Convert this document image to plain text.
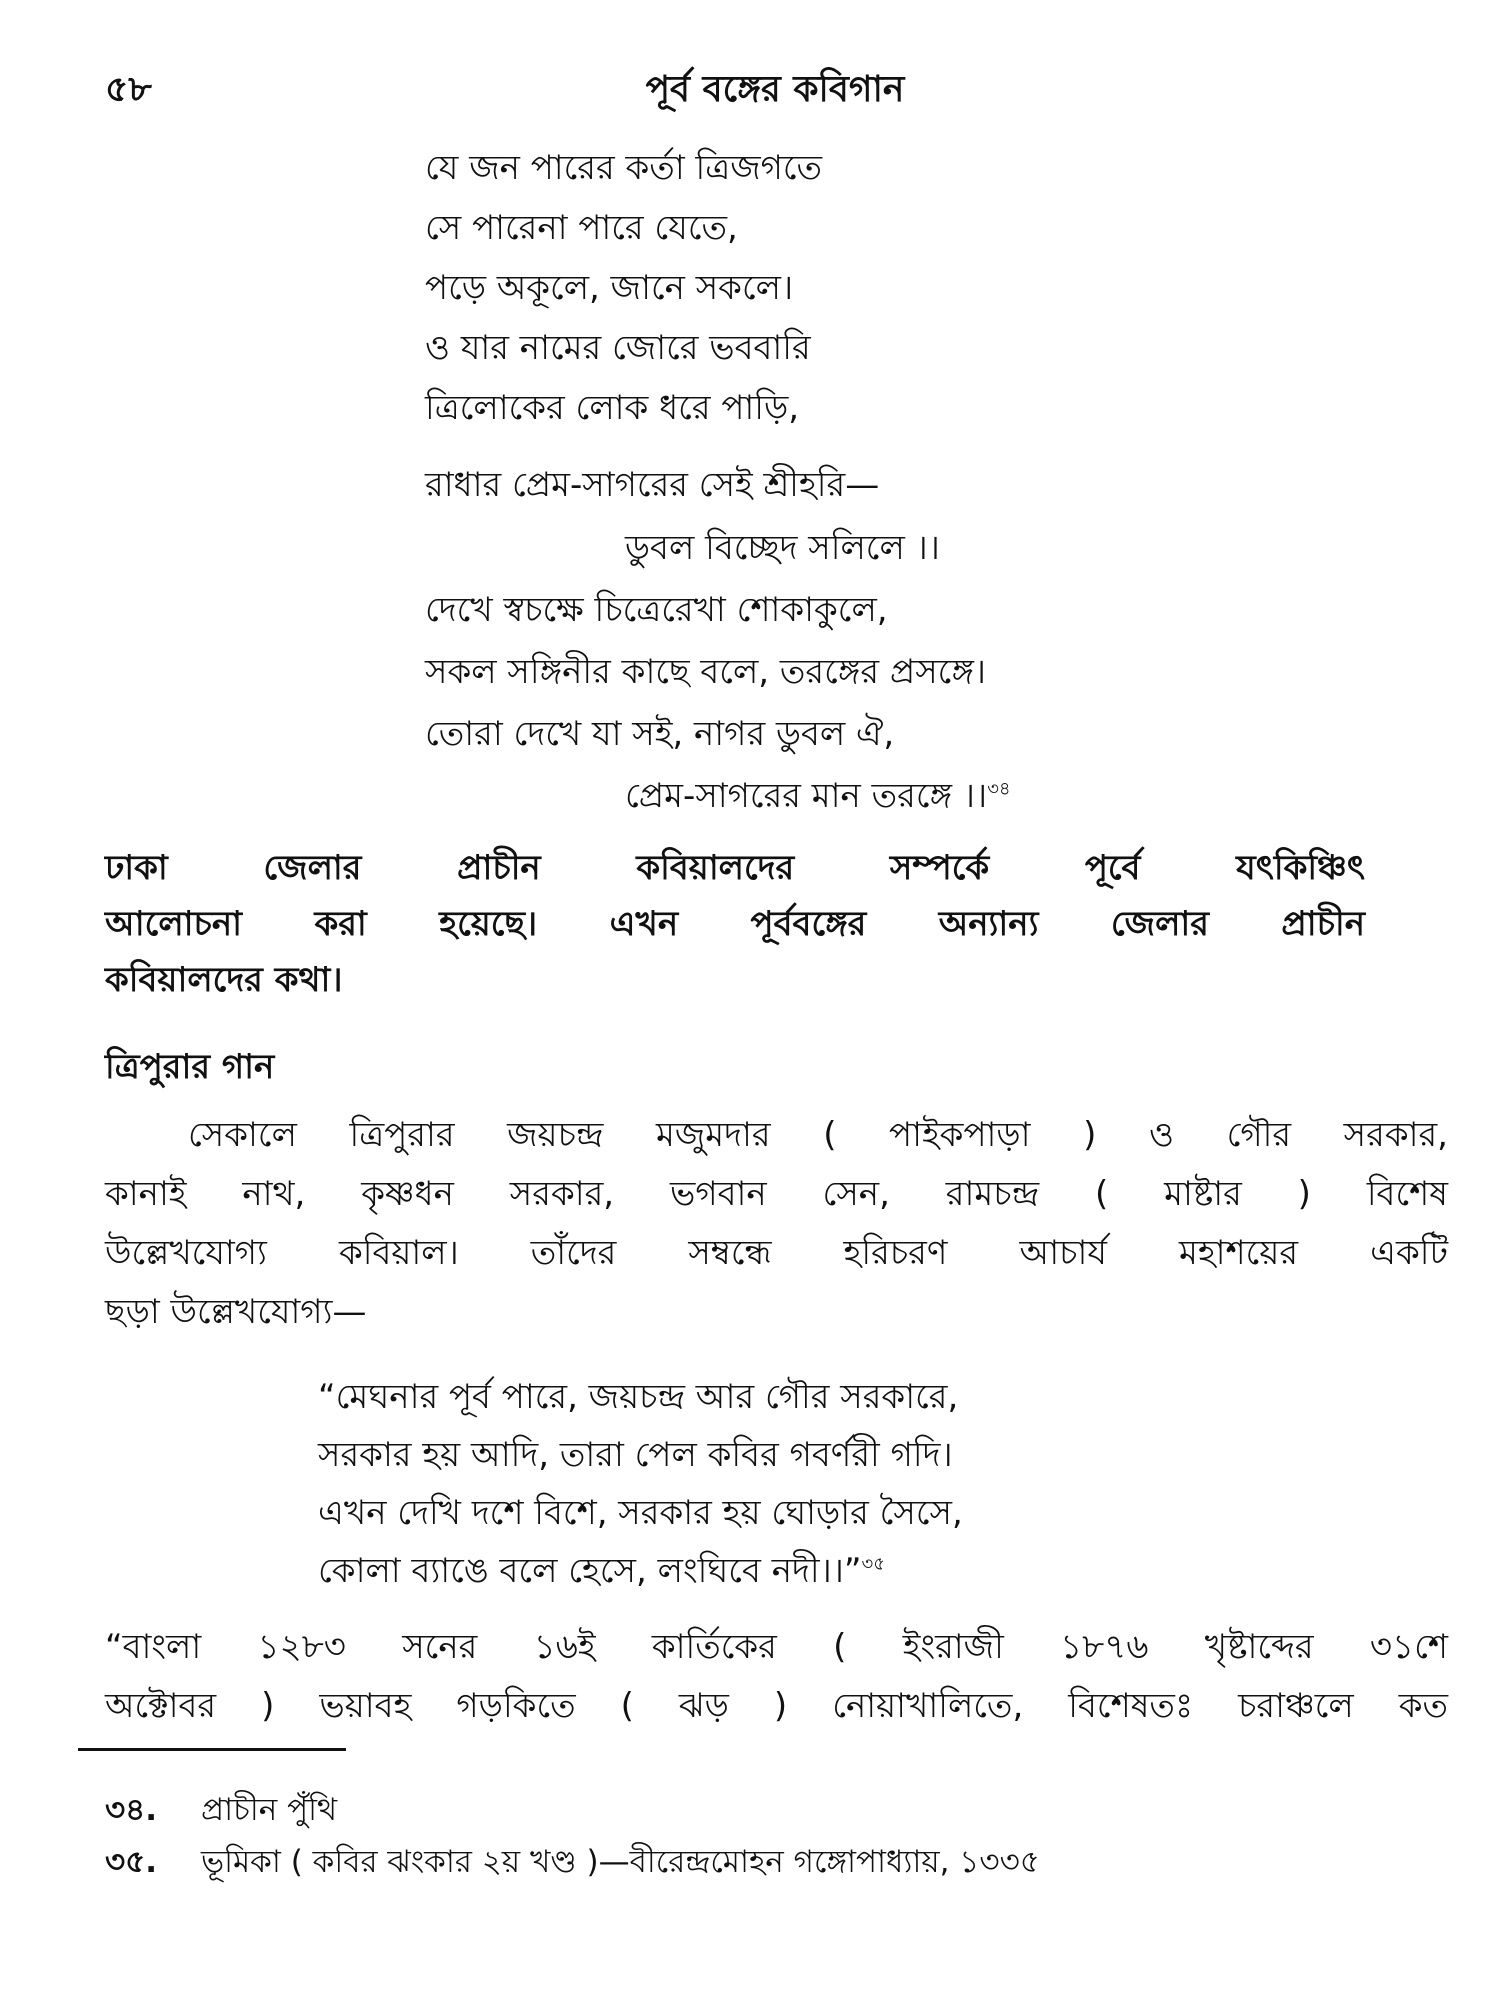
৫৮	পূর্ব বঙ্গের কবিগান
যে জন পারের কর্তা ত্রিজগতে
সে পারেনা পারে যেতে,
পড়ে অকূলে, জানে সকলে।
ও যার নামের জোরে ভববারি
ত্রিলোকের লোক ধরে পাড়ি,
রাধার প্রেম-সাগরের সেই শ্রীহরি—
ডুবল বিচ্ছেদ সলিলে ।।
দেখে স্বচক্ষে চিত্রেরেখা শোকাকুলে,
সকল সঙ্গিনীর কাছে বলে, তরঙ্গের প্রসঙ্গে।
তোরা দেখে যা সই, নাগর ডুবল ঐ,
প্রেম-সাগরের মান তরঙ্গে ।।$^{৩৪}$
ঢাকা জেলার প্রাচীন কবিয়ালদের সম্পর্কে পূর্বে যৎকিঞ্চিৎ
আলোচনা করা হয়েছে। এখন পূর্ববঙ্গের অন্যান্য জেলার প্রাচীন
কবিয়ালদের কথা।
ত্রিপুরার গান
সেকালে ত্রিপুরার জয়চন্দ্র মজুমদার ( পাইকপাড়া ) ও গৌর সরকার,
কানাই নাথ, কৃষ্ণধন সরকার, ভগবান সেন, রামচন্দ্র ( মাষ্টার ) বিশেষ
উল্লেখযোগ্য কবিয়াল। তাঁদের সম্বন্ধে হরিচরণ আচার্য মহাশয়ের একটি
ছড়া উল্লেখযোগ্য—
“মেঘনার পূর্ব পারে, জয়চন্দ্র আর গৌর সরকারে,
সরকার হয় আদি, তারা পেল কবির গবর্ণরী গদি।
এখন দেখি দশে বিশে, সরকার হয় ঘোড়ার সৈসে,
কোলা ব্যাঙে বলে হেসে, লংঘিবে নদী।।”$^{৩৫}$
“বাংলা ১২৮৩ সনের ১৬ই কার্তিকের ( ইংরাজী ১৮৭৬ খৃষ্টাব্দের ৩১শে
অক্টোবর ) ভয়াবহ গড়কিতে ( ঝড় ) নোয়াখালিতে, বিশেষতঃ চরাঞ্চলে কত
৩৪. প্রাচীন পুঁথি
৩৫. ভূমিকা ( কবির ঝংকার ২য় খণ্ড )—বীরেন্দ্রমোহন গঙ্গোপাধ্যায়, ১৩৩৫
